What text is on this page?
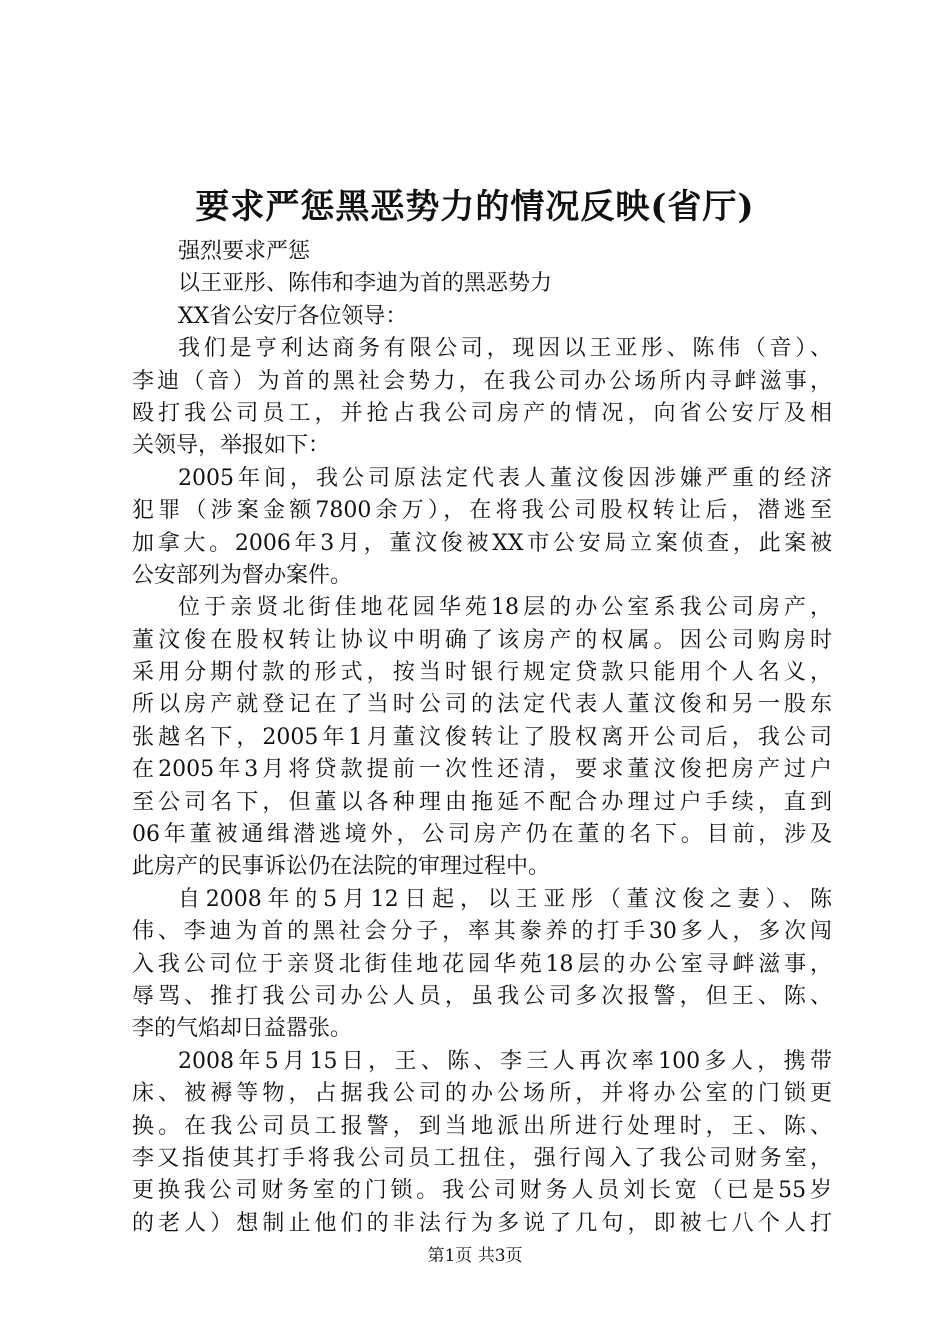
要求严惩黑恶势力的情况反映(省厅)
强烈要求严惩
以王亚彤、陈伟和李迪为首的黑恶势力
XX省公安厅各位领导：
我们是亨利达商务有限公司，现因以王亚彤、陈伟（音）、
李迪（音）为首的黑社会势力，在我公司办公场所内寻衅滋事，
殴打我公司员工，并抢占我公司房产的情况，向省公安厅及相
关领导，举报如下：
2005年间，我公司原法定代表人董汶俊因涉嫌严重的经济
犯罪（涉案金额7800余万），在将我公司股权转让后，潜逃至
加拿大。2006年3月，董汶俊被XX市公安局立案侦查，此案被
公安部列为督办案件。
位于亲贤北街佳地花园华苑18层的办公室系我公司房产，
董汶俊在股权转让协议中明确了该房产的权属。因公司购房时
采用分期付款的形式，按当时银行规定贷款只能用个人名义，
所以房产就登记在了当时公司的法定代表人董汶俊和另一股东
张越名下，2005年1月董汶俊转让了股权离开公司后，我公司
在2005年3月将贷款提前一次性还清，要求董汶俊把房产过户
至公司名下，但董以各种理由拖延不配合办理过户手续，直到
06年董被通缉潜逃境外，公司房产仍在董的名下。目前，涉及
此房产的民事诉讼仍在法院的审理过程中。
自2008年的5月12日起，以王亚彤（董汶俊之妻）、陈
伟、李迪为首的黑社会分子，率其豢养的打手30多人，多次闯
入我公司位于亲贤北街佳地花园华苑18层的办公室寻衅滋事，
辱骂、推打我公司办公人员，虽我公司多次报警，但王、陈、
李的气焰却日益嚣张。
2008年5月15日，王、陈、李三人再次率100多人，携带
床、被褥等物，占据我公司的办公场所，并将办公室的门锁更
换。在我公司员工报警，到当地派出所进行处理时，王、陈、
李又指使其打手将我公司员工扭住，强行闯入了我公司财务室，
更换我公司财务室的门锁。我公司财务人员刘长宽（已是55岁
的老人）想制止他们的非法行为多说了几句，即被七八个人打
第1页 共3页
